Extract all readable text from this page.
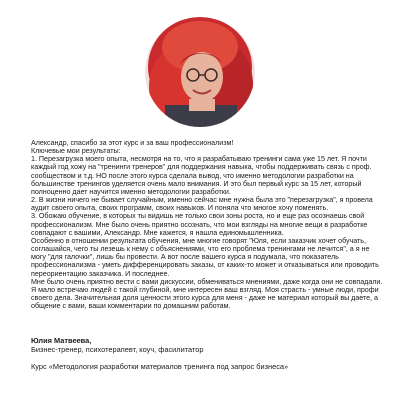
Александр, спасибо за этот курс и за ваш профессионализм!

Ключевые мои результаты:

1. Перезагрузка моего опыта, несмотря на то, что я разрабатываю тренинги сама уже 15 лет. Я почти каждый год хожу на "тренинги тренеров" для поддержания навыка, чтобы поддерживать связь с проф. сообществом и т.д. НО после этого курса сделала вывод, что именно методологии разработки на большинстве тренингов уделяется очень мало внимания. И это был первый курс за 15 лет, который полноценно дает научится именно методологии разработки.

2. В жизни ничего не бывает случайным, именно сейчас мне нужна была это "перезагрузка", я провела аудит своего опыта, своих программ, своих навыков. И поняла что многое хочу поменять.

3. Обожаю обучение, в которых ты видишь не только свои зоны роста, но и еще раз осознаешь свой профессионализм. Мне было очень приятно осознать, что мои взгляды на многие вещи в разработке совпадают с вашими, Александр. Мне кажется, я нашла единомышленника.

Особенно в отношении результата обучения, мне многие говорят "Юля, если заказчик хочет обучать, соглашайся, чего ты лезешь к нему с объяснениями, что его проблема тренингами не лечится", а я не могу "для галочки", лишь бы провести. А вот после вашего курса я подумала, что показатель профессионализма - уметь дифференцировать заказы, от каких-то может и отказываться или проводить переориентацию заказчика. И последнее.

Мне было очень приятно вести с вами дискуссии, обмениваться мнениями, даже когда они не совпадали. Я мало встречаю людей с такой глубиной, мне интересен ваш взгляд. Моя страсть - умные люди, профи своего дела. Значительная доля ценности этого курса для меня - даже не материал который вы даете, а общение с вами, ваши комментарии по домашним работам.

Юлия Матвеева,
Бизнес-тренер, психотерапевт, коуч, фасилитатор
Курс «Методология разработки материалов тренинга под запрос бизнеса»
